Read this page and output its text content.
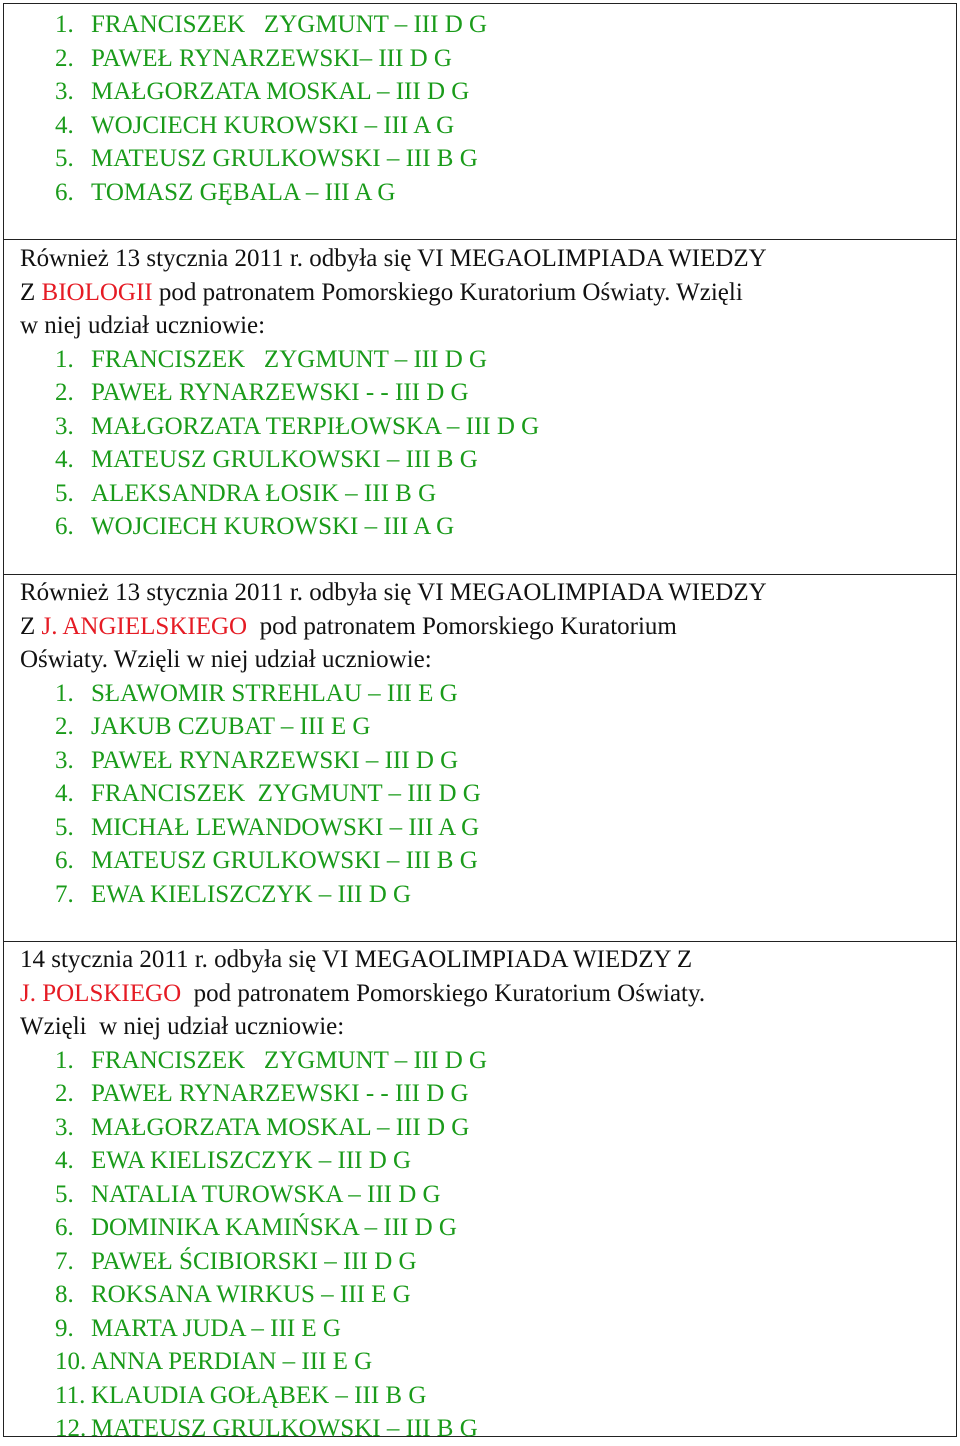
1. FRANCISZEK   ZYGMUNT – III D G
2. PAWEŁ RYNARZEWSKI– III D G
3. MAŁGORZATA MOSKAL – III D G
4. WOJCIECH KUROWSKI – III A G
5. MATEUSZ GRULKOWSKI – III B G
6. TOMASZ GĘBALA – III A G
Również 13 stycznia 2011 r. odbyła się VI MEGAOLIMPIADA WIEDZY
Z BIOLOGII pod patronatem Pomorskiego Kuratorium Oświaty. Wzięli
w niej udział uczniowie:
1. FRANCISZEK   ZYGMUNT – III D G
2. PAWEŁ RYNARZEWSKI - - III D G
3. MAŁGORZATA TERPIŁOWSKA – III D G
4. MATEUSZ GRULKOWSKI – III B G
5. ALEKSANDRA ŁOSIK – III B G
6. WOJCIECH KUROWSKI – III A G
Również 13 stycznia 2011 r. odbyła się VI MEGAOLIMPIADA WIEDZY
Z J. ANGIELSKIEGO  pod patronatem Pomorskiego Kuratorium
Oświaty. Wzięli w niej udział uczniowie:
1. SŁAWOMIR STREHLAU – III E G
2. JAKUB CZUBAT – III E G
3. PAWEŁ RYNARZEWSKI – III D G
4. FRANCISZEK  ZYGMUNT – III D G
5. MICHAŁ LEWANDOWSKI – III A G
6. MATEUSZ GRULKOWSKI – III B G
7. EWA KIELISZCZYK – III D G
14 stycznia 2011 r. odbyła się VI MEGAOLIMPIADA WIEDZY Z
J. POLSKIEGO  pod patronatem Pomorskiego Kuratorium Oświaty.
Wzięli  w niej udział uczniowie:
1. FRANCISZEK   ZYGMUNT – III D G
2. PAWEŁ RYNARZEWSKI - - III D G
3. MAŁGORZATA MOSKAL – III D G
4. EWA KIELISZCZYK – III D G
5. NATALIA TUROWSKA – III D G
6. DOMINIKA KAMIŃSKA – III D G
7. PAWEŁ ŚCIBIORSKI – III D G
8. ROKSANA WIRKUS – III E G
9. MARTA JUDA – III E G
10. ANNA PERDIAN – III E G
11. KLAUDIA GOŁĄBEK – III B G
12. MATEUSZ GRULKOWSKI – III B G
